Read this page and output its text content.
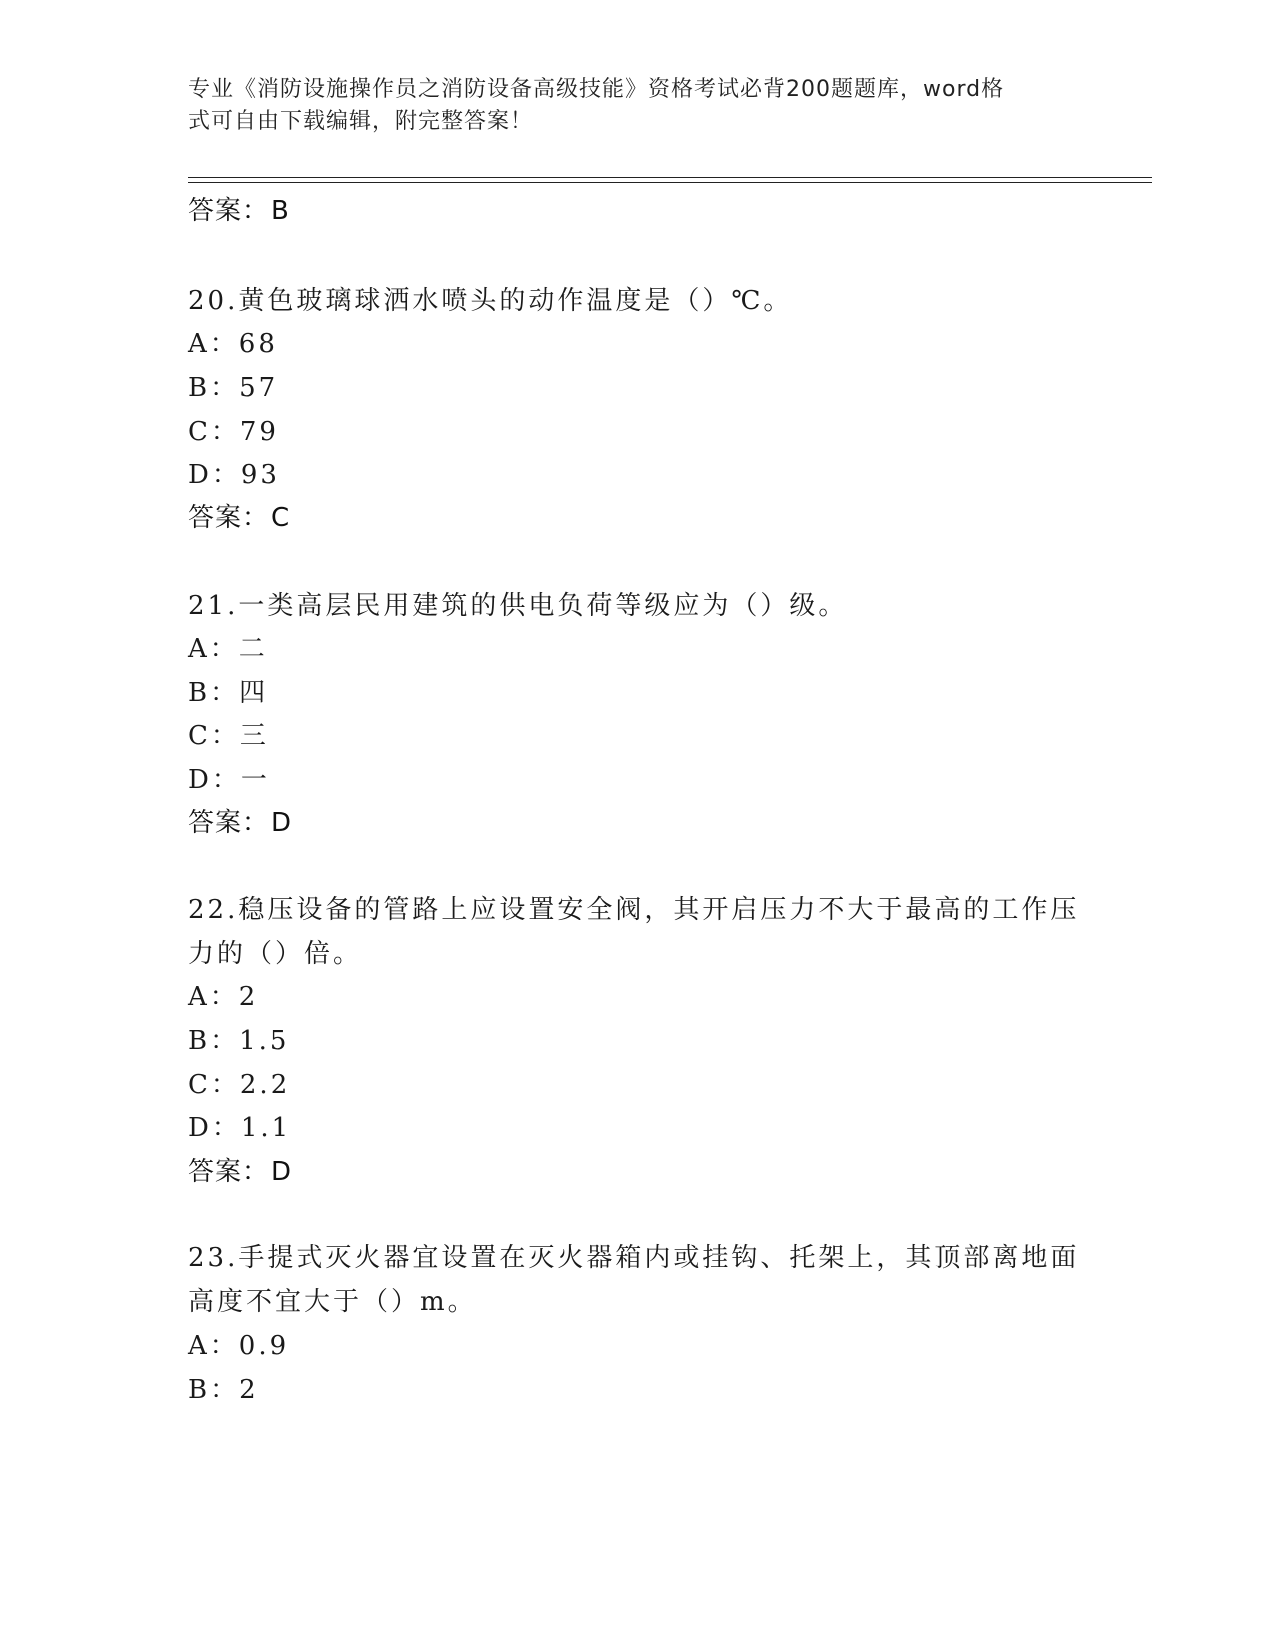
专业《消防设施操作员之消防设备高级技能》资格考试必背200题题库，word格
式可自由下载编辑，附完整答案！
答案：B
20.黄色玻璃球洒水喷头的动作温度是（）℃。
A：68
B：57
C：79
D：93
答案：C
21.一类高层民用建筑的供电负荷等级应为（）级。
A：二
B：四
C：三
D：一
答案：D
22.稳压设备的管路上应设置安全阀，其开启压力不大于最高的工作压
力的（）倍。
A：2
B：1.5
C：2.2
D：1.1
答案：D
23.手提式灭火器宜设置在灭火器箱内或挂钩、托架上，其顶部离地面
高度不宜大于（）m。
A：0.9
B：2
